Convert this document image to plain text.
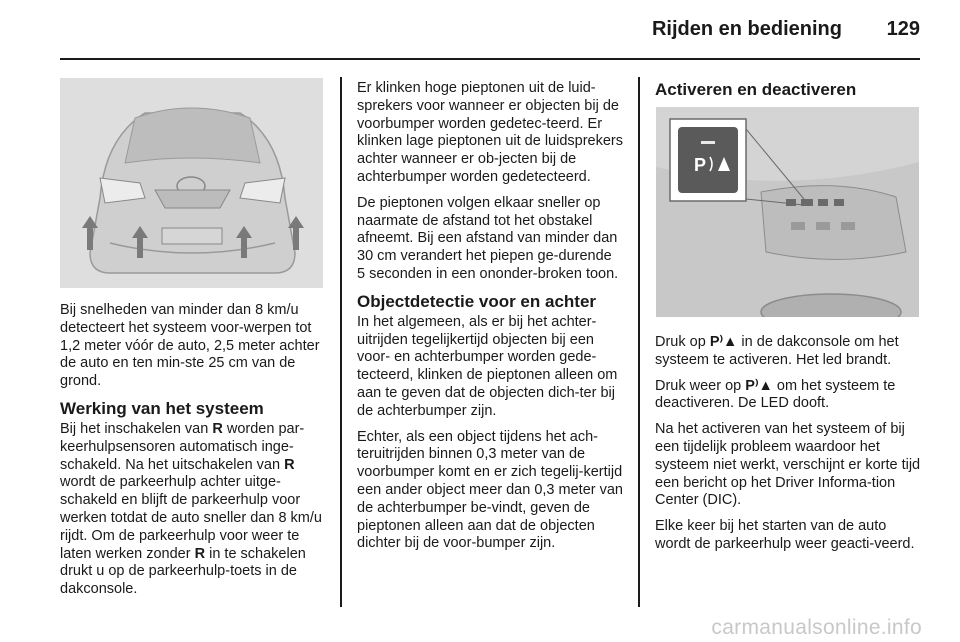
Rijden en bediening 129

Bij snelheden van minder dan 8 km/u detecteert het systeem voor-werpen tot 1,2 meter vóór de auto, 2,5 meter achter de auto en ten min-ste 25 cm van de grond.

Werking van het systeem

Bij het inschakelen van R worden par-keerhulpsensoren automatisch inge-schakeld. Na het uitschakelen van R wordt de parkeerhulp achter uitge-schakeld en blijft de parkeerhulp voor werken totdat de auto sneller dan 8 km/u rijdt. Om de parkeerhulp voor weer te laten werken zonder R in te schakelen drukt u op de parkeerhulp-toets in de dakconsole.

Er klinken hoge pieptonen uit de luid-sprekers voor wanneer er objecten bij de voorbumper worden gedetec-teerd. Er klinken lage pieptonen uit de luidsprekers achter wanneer er ob-jecten bij de achterbumper worden gedetecteerd.

De pieptonen volgen elkaar sneller op naarmate de afstand tot het obstakel afneemt. Bij een afstand van minder dan 30 cm verandert het piepen ge-durende 5 seconden in een ononder-broken toon.

Objectdetectie voor en achter

In het algemeen, als er bij het achter-uitrijden tegelijkertijd objecten bij een voor- en achterbumper worden gede-tecteerd, klinken de pieptonen alleen om aan te geven dat de objecten dich-ter bij de achterbumper zijn.

Echter, als een object tijdens het ach-teruitrijden binnen 0,3 meter van de voorbumper komt en er zich tegelij-kertijd een ander object meer dan 0,3 meter van de achterbumper be-vindt, geven de pieptonen alleen aan dat de objecten dichter bij de voor-bumper zijn.

Activeren en deactiveren
P

Druk op P⁾▲ in de dakconsole om het systeem te activeren. Het led brandt.

Druk weer op P⁾▲ om het systeem te deactiveren. De LED dooft.

Na het activeren van het systeem of bij een tijdelijk probleem waardoor het systeem niet werkt, verschijnt er korte tijd een bericht op het Driver Informa-tion Center (DIC).

Elke keer bij het starten van de auto wordt de parkeerhulp weer geacti-veerd.

carmanualsonline.info
